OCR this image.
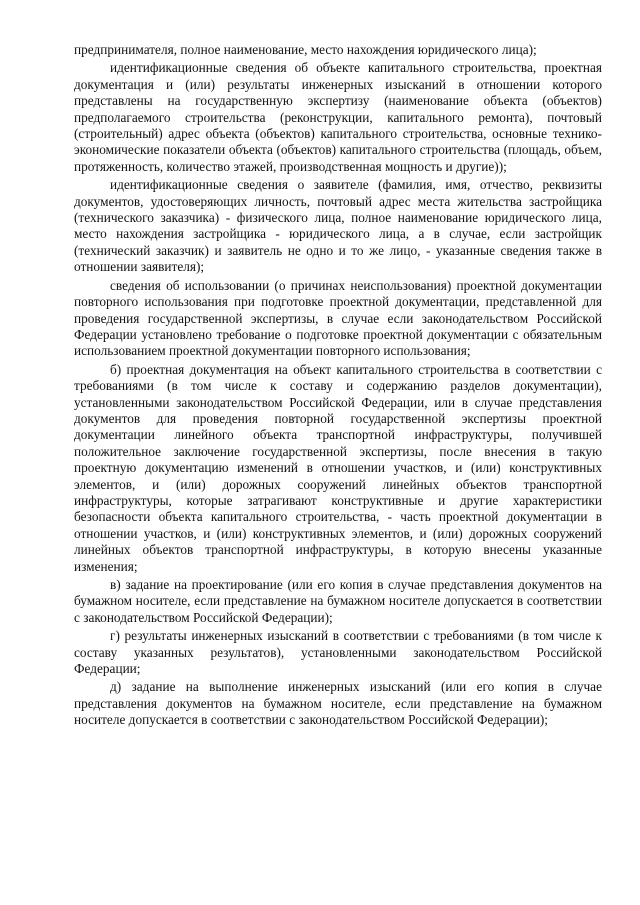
предпринимателя, полное наименование, место нахождения юридического лица);

идентификационные сведения об объекте капитального строительства, проектная документация и (или) результаты инженерных изысканий в отношении которого представлены на государственную экспертизу (наименование объекта (объектов) предполагаемого строительства (реконструкции, капитального ремонта), почтовый (строительный) адрес объекта (объектов) капитального строительства, основные технико-экономические показатели объекта (объектов) капитального строительства (площадь, объем, протяженность, количество этажей, производственная мощность и другие));

идентификационные сведения о заявителе (фамилия, имя, отчество, реквизиты документов, удостоверяющих личность, почтовый адрес места жительства застройщика (технического заказчика) - физического лица, полное наименование юридического лица, место нахождения застройщика - юридического лица, а в случае, если застройщик (технический заказчик) и заявитель не одно и то же лицо, - указанные сведения также в отношении заявителя);

сведения об использовании (о причинах неиспользования) проектной документации повторного использования при подготовке проектной документации, представленной для проведения государственной экспертизы, в случае если законодательством Российской Федерации установлено требование о подготовке проектной документации с обязательным использованием проектной документации повторного использования;

б) проектная документация на объект капитального строительства в соответствии с требованиями (в том числе к составу и содержанию разделов документации), установленными законодательством Российской Федерации, или в случае представления документов для проведения повторной государственной экспертизы проектной документации линейного объекта транспортной инфраструктуры, получившей положительное заключение государственной экспертизы, после внесения в такую проектную документацию изменений в отношении участков, и (или) конструктивных элементов, и (или) дорожных сооружений линейных объектов транспортной инфраструктуры, которые затрагивают конструктивные и другие характеристики безопасности объекта капитального строительства, - часть проектной документации в отношении участков, и (или) конструктивных элементов, и (или) дорожных сооружений линейных объектов транспортной инфраструктуры, в которую внесены указанные изменения;

в) задание на проектирование (или его копия в случае представления документов на бумажном носителе, если представление на бумажном носителе допускается в соответствии с законодательством Российской Федерации);

г) результаты инженерных изысканий в соответствии с требованиями (в том числе к составу указанных результатов), установленными законодательством Российской Федерации;

д) задание на выполнение инженерных изысканий (или его копия в случае представления документов на бумажном носителе, если представление на бумажном носителе допускается в соответствии с законодательством Российской Федерации);
